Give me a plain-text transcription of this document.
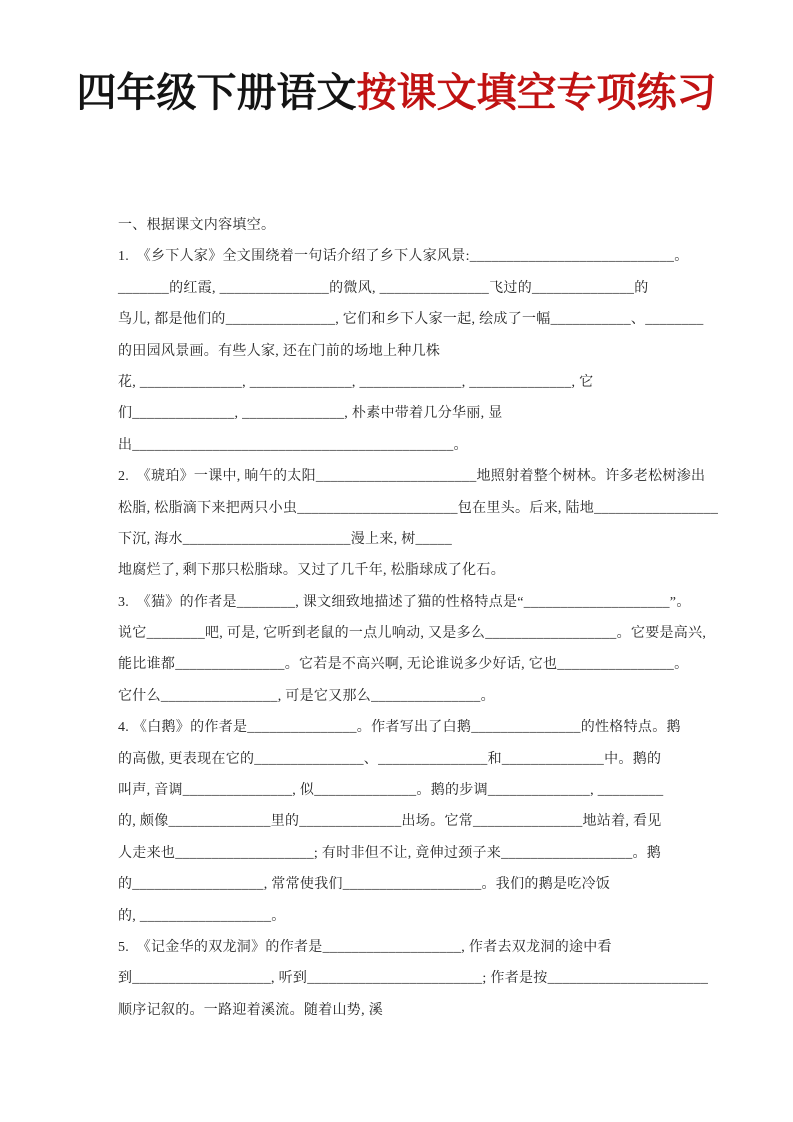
四年级下册语文按课文填空专项练习
一、根据课文内容填空。
1.  《乡下人家》全文围绕着一句话介绍了乡下人家风景:____________________________。
_______的红霞, _______________的微风, _______________飞过的______________的
鸟儿, 都是他们的_______________, 它们和乡下人家一起, 绘成了一幅___________、________
的田园风景画。有些人家, 还在门前的场地上种几株
花, ______________, ______________, ______________, ______________, 它
们______________, ______________, 朴素中带着几分华丽, 显
出____________________________________________。
2.  《琥珀》一课中, 晌午的太阳______________________地照射着整个树林。许多老松树渗出
松脂, 松脂滴下来把两只小虫______________________包在里头。后来, 陆地_________________
下沉, 海水_______________________漫上来, 树_____
地腐烂了, 剩下那只松脂球。又过了几千年, 松脂球成了化石。
3.  《猫》的作者是________, 课文细致地描述了猫的性格特点是“____________________”。
说它________吧, 可是, 它听到老鼠的一点儿响动, 又是多么__________________。它要是高兴,
能比谁都_______________。它若是不高兴啊, 无论谁说多少好话, 它也________________。
它什么________________, 可是它又那么_______________。
4. 《白鹅》的作者是_______________。作者写出了白鹅_______________的性格特点。鹅
的高傲, 更表现在它的_______________、_______________和______________中。鹅的
叫声, 音调_______________, 似______________。鹅的步调______________, _________
的, 颇像______________里的______________出场。它常_______________地站着, 看见
人走来也___________________; 有时非但不让, 竟伸过颈子来__________________。鹅
的__________________, 常常使我们___________________。我们的鹅是吃冷饭
的, __________________。
5.  《记金华的双龙洞》的作者是___________________, 作者去双龙洞的途中看
到___________________, 听到________________________; 作者是按______________________
顺序记叙的。一路迎着溪流。随着山势, 溪
